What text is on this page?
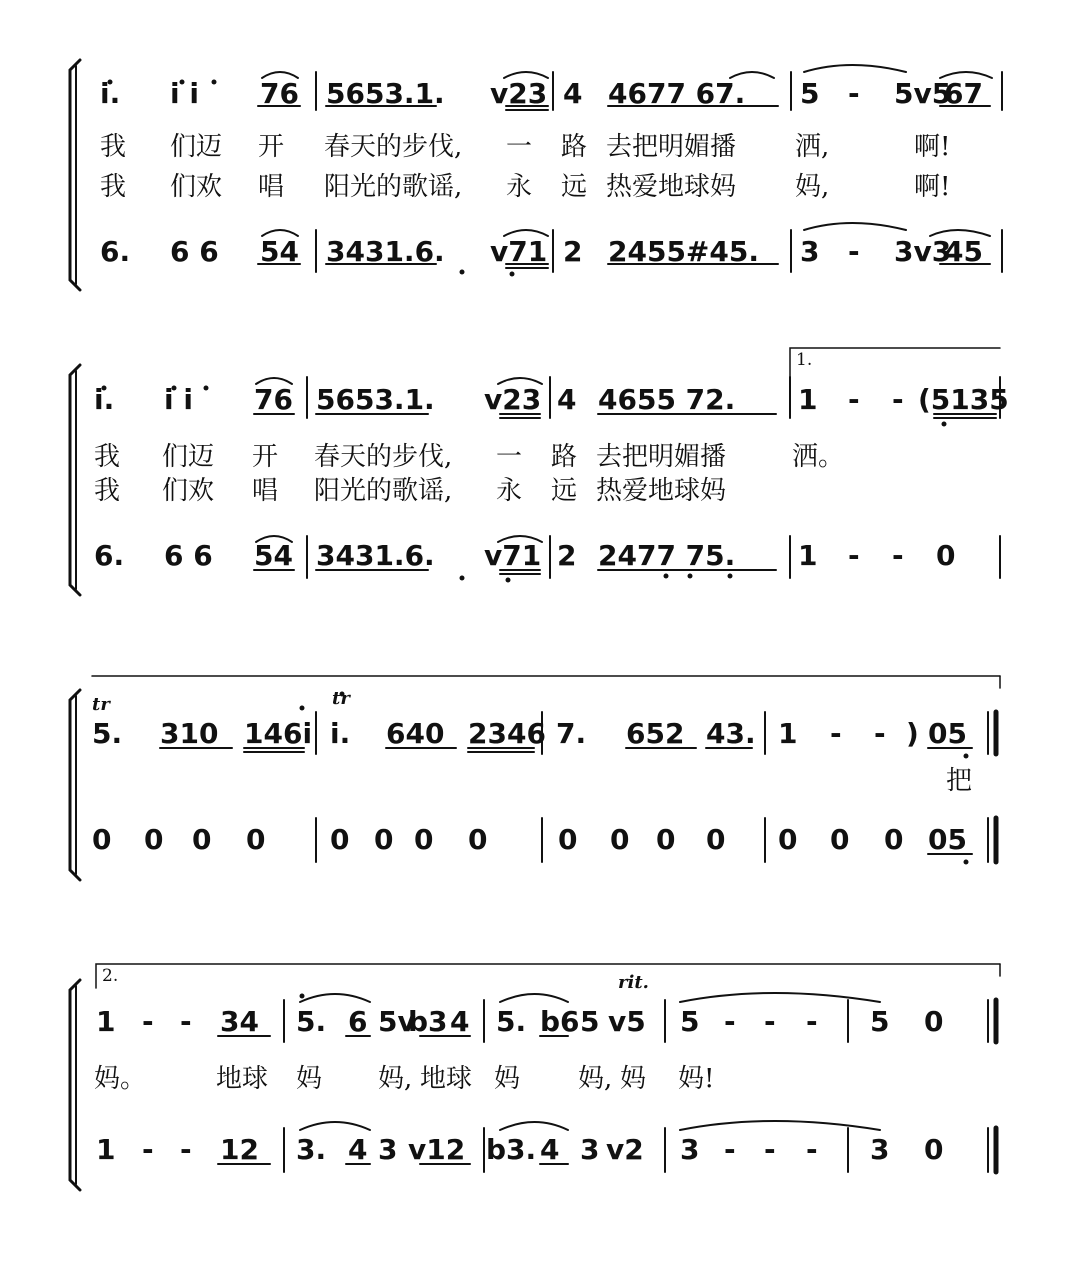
i. i i 76 5653.1. v23 4 4677 67. 5 - 5v5
67
我 们迈 开 春天的步伐, 一 路 去把明媚播 洒,	啊!
我 们欢 唱 阳光的歌谣, 永 远 热爱地球妈 妈,	啊!
6. 6 6 54 3431.6. v71 2 2455#45. 3 - 3v3
45
1.
i. i i 76 5653.1. v23 4 4655 72. 1 - - (5135
我 们迈 开 春天的步伐, 一 路 去把明媚播	洒。
我 们欢 唱 阳光的歌谣, 永 远 热爱地球妈
6. 6 6 54 3431.6. v71 2 2477 75. 1 - - 0
tr	tr
5. 310 146i i. 640 2346 7. 652 43. 1 - - ) 05
把
0 0 0 0 0 0 0 0	0 0 0 0 0 0 0 05
2.	rit.
1 - - 34 5. 6 5v
b3 4 5. b6 5 v5 5 - - - 5 0
妈。	地球 妈 妈, 地球 妈 妈, 妈 妈!
1 - - 12 3. 4 3 v12 b3. 4 3 v2 3 - - - 3 0
